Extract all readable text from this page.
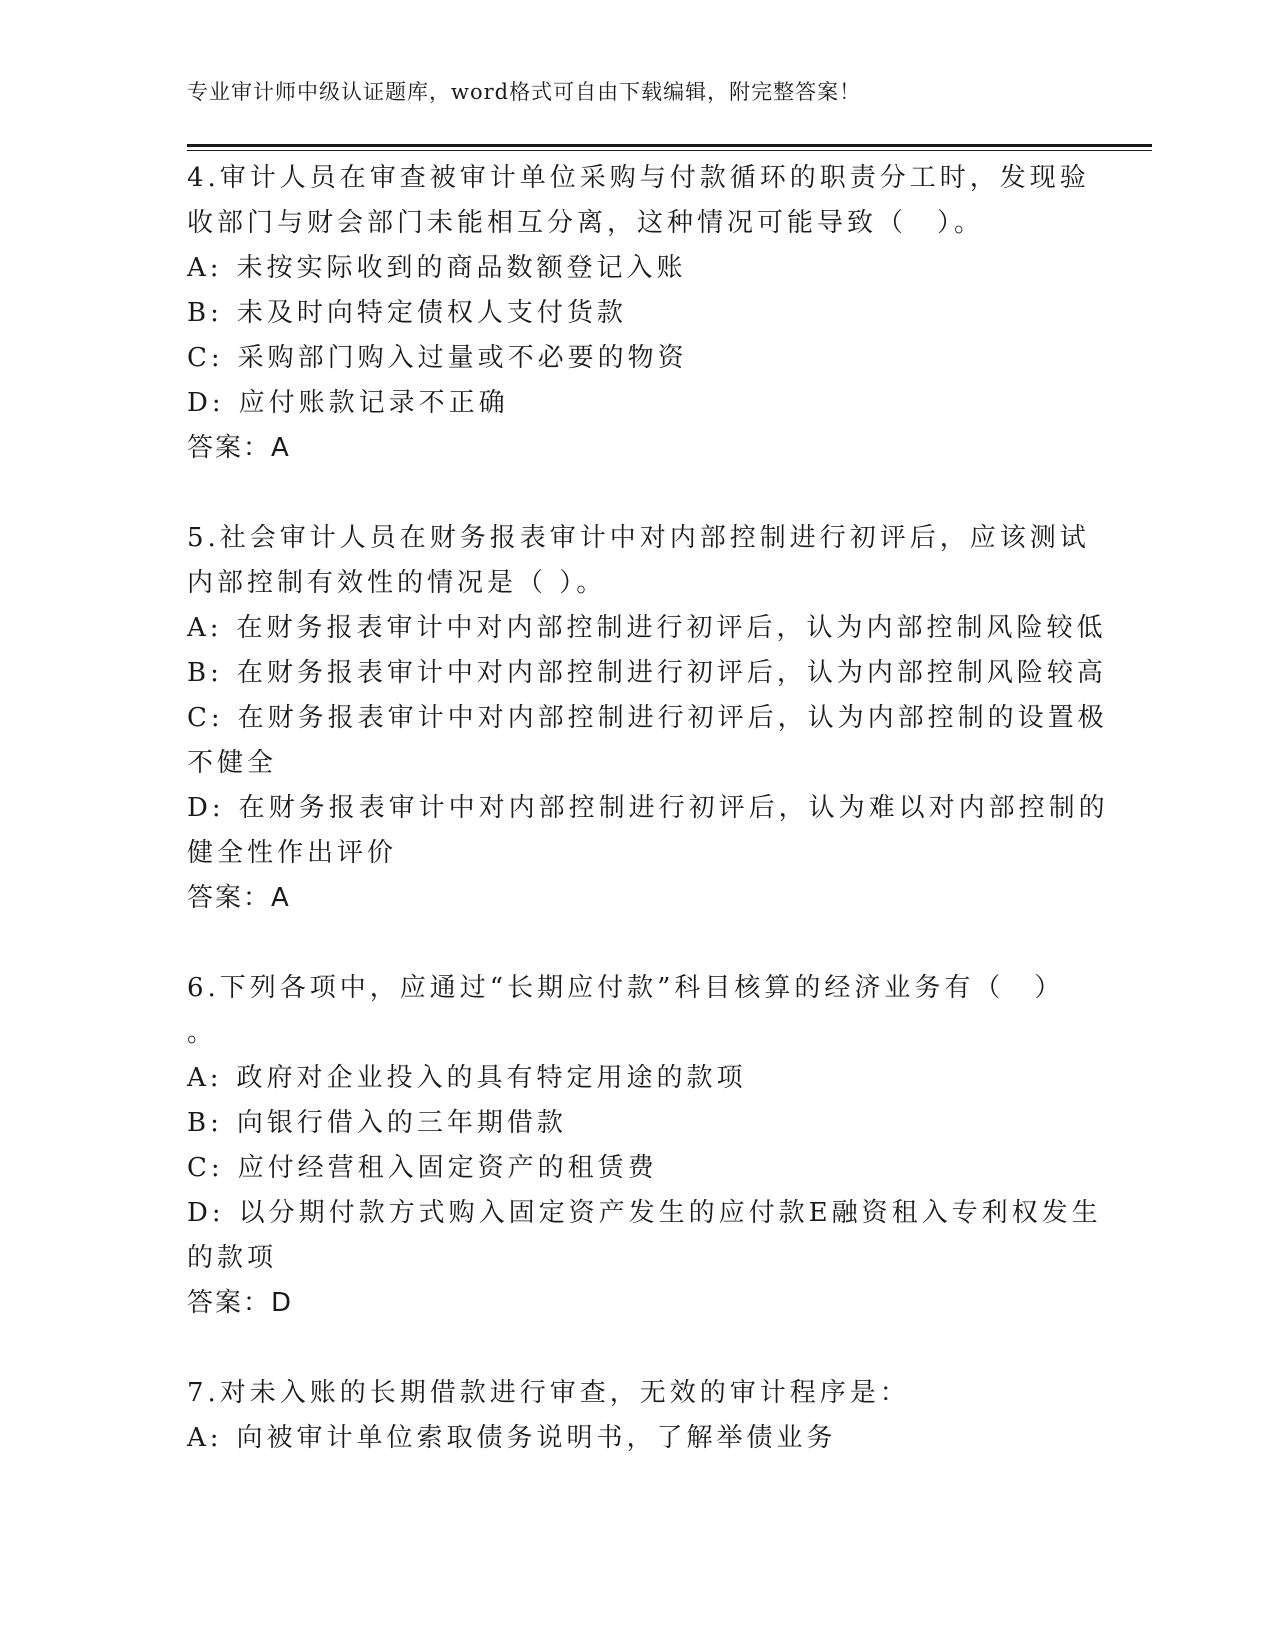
专业审计师中级认证题库，word格式可自由下载编辑，附完整答案！
4.审计人员在审查被审计单位采购与付款循环的职责分工时，发现验
收部门与财会部门未能相互分离，这种情况可能导致（　）。
A: 未按实际收到的商品数额登记入账
B: 未及时向特定债权人支付货款
C: 采购部门购入过量或不必要的物资
D: 应付账款记录不正确
答案：A
5.社会审计人员在财务报表审计中对内部控制进行初评后，应该测试
内部控制有效性的情况是（ ）。
A: 在财务报表审计中对内部控制进行初评后，认为内部控制风险较低
B: 在财务报表审计中对内部控制进行初评后，认为内部控制风险较高
C: 在财务报表审计中对内部控制进行初评后，认为内部控制的设置极
不健全
D: 在财务报表审计中对内部控制进行初评后，认为难以对内部控制的
健全性作出评价
答案：A
6.下列各项中，应通过“长期应付款”科目核算的经济业务有（　）
。
A: 政府对企业投入的具有特定用途的款项
B: 向银行借入的三年期借款
C: 应付经营租入固定资产的租赁费
D: 以分期付款方式购入固定资产发生的应付款E融资租入专利权发生
的款项
答案：D
7.对未入账的长期借款进行审查，无效的审计程序是：
A: 向被审计单位索取债务说明书，了解举债业务
